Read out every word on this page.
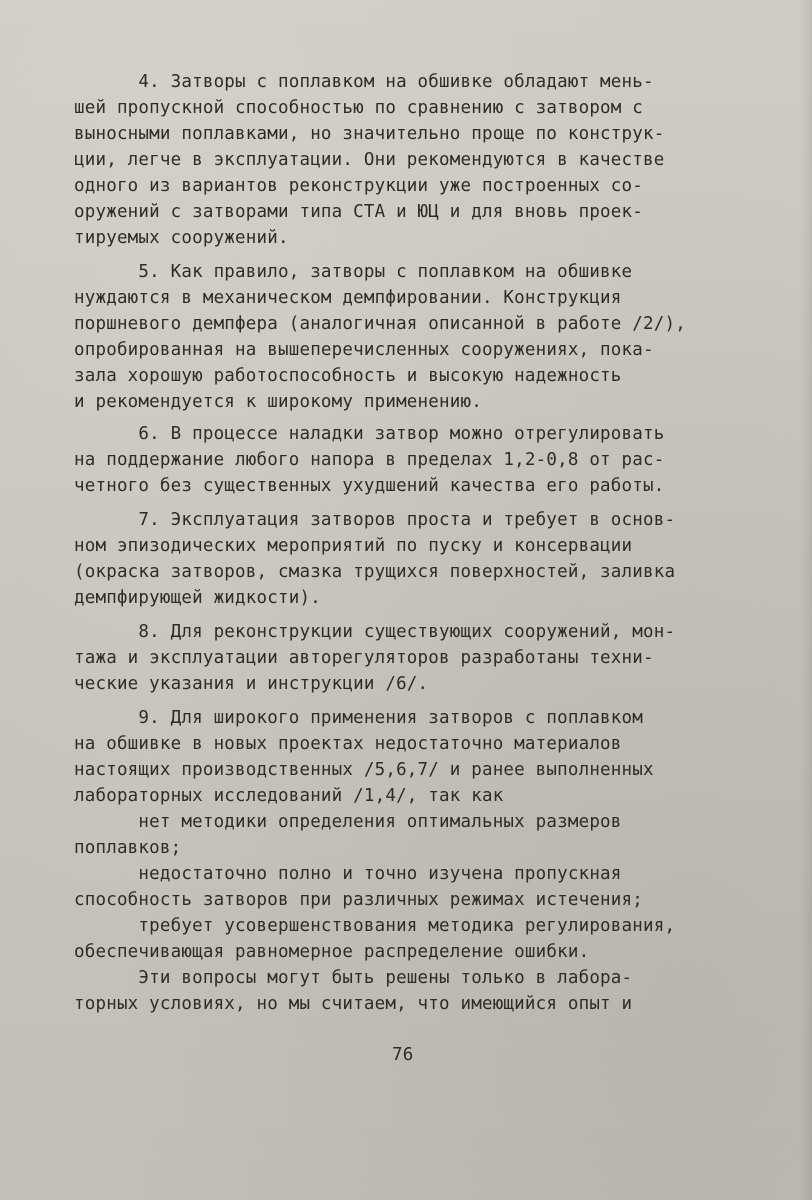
4. Затворы с поплавком на обшивке обладают мень-
шей пропускной способностью по сравнению с затвором с
выносными поплавками, но значительно проще по конструк-
ции, легче в эксплуатации. Они рекомендуются в качестве
одного из вариантов реконструкции уже построенных со-
оружений с затворами типа СТА и ЮЦ и для вновь проек-
тируемых сооружений.
5. Как правило, затворы с поплавком на обшивке
нуждаются в механическом демпфировании. Конструкция
поршневого демпфера (аналогичная описанной в работе /2/),
опробированная на вышеперечисленных сооружениях, пока-
зала хорошую работоспособность и высокую надежность
и рекомендуется к широкому применению.
6. В процессе наладки затвор можно отрегулировать
на поддержание любого напора в пределах 1,2-0,8 от рас-
четного без существенных ухудшений качества его работы.
7. Эксплуатация затворов проста и требует в основ-
ном эпизодических мероприятий по пуску и консервации
(окраска затворов, смазка трущихся поверхностей, заливка
демпфирующей жидкости).
8. Для реконструкции существующих сооружений, мон-
тажа и эксплуатации авторегуляторов разработаны техни-
ческие указания и инструкции /6/.
9. Для широкого применения затворов с поплавком
на обшивке в новых проектах недостаточно материалов
настоящих производственных /5,6,7/ и ранее выполненных
лабораторных исследований /1,4/, так как
нет методики определения оптимальных размеров
поплавков;
недостаточно полно и точно изучена пропускная
способность затворов при различных режимах истечения;
требует усовершенствования методика регулирования,
обеспечивающая равномерное распределение ошибки.
Эти вопросы могут быть решены только в лабора-
торных условиях, но мы считаем, что имеющийся опыт и
76
